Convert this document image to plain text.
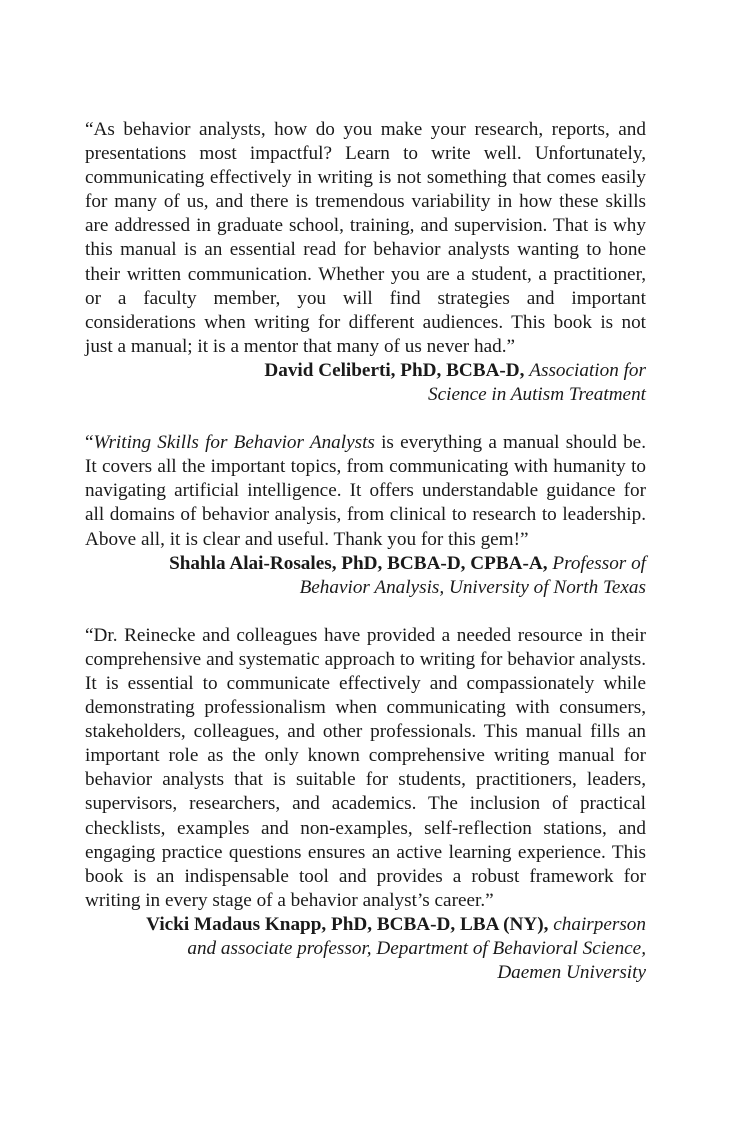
“As behavior analysts, how do you make your research, reports, and presentations most impactful? Learn to write well. Unfortunately, communicating effectively in writing is not something that comes easily for many of us, and there is tremendous variability in how these skills are addressed in graduate school, training, and supervision. That is why this manual is an essential read for behavior analysts wanting to hone their written communication. Whether you are a student, a practitioner, or a faculty member, you will find strategies and important considerations when writing for different audiences. This book is not just a manual; it is a mentor that many of us never had.”

David Celiberti, PhD, BCBA-D, Association for
Science in Autism Treatment

“Writing Skills for Behavior Analysts is everything a manual should be. It covers all the important topics, from communicating with humanity to navigating artificial intelligence. It offers understandable guidance for all domains of behavior analysis, from clinical to research to leadership. Above all, it is clear and useful. Thank you for this gem!”

Shahla Alai-Rosales, PhD, BCBA-D, CPBA-A, Professor of
Behavior Analysis, University of North Texas

“Dr. Reinecke and colleagues have provided a needed resource in their comprehensive and systematic approach to writing for behavior analysts. It is essential to communicate effectively and compassionately while demonstrating professionalism when communicating with consumers, stakeholders, colleagues, and other professionals. This manual fills an important role as the only known comprehensive writing manual for behavior analysts that is suitable for students, practitioners, leaders, supervisors, researchers, and academics. The inclusion of practical checklists, examples and non-examples, self-reflection stations, and engaging practice questions ensures an active learning experience. This book is an indispensable tool and provides a robust framework for writing in every stage of a behavior analyst’s career.”

Vicki Madaus Knapp, PhD, BCBA-D, LBA (NY), chairperson
and associate professor, Department of Behavioral Science,
Daemen University
